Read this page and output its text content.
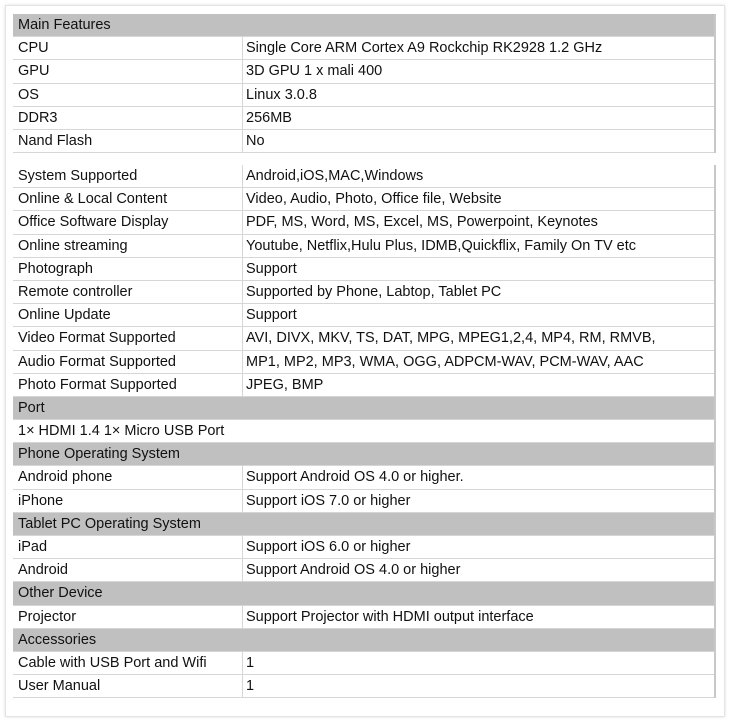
Main Features
CPU	Single Core ARM Cortex A9 Rockchip RK2928 1.2 GHz
GPU	3D GPU 1 x mali 400
OS	Linux 3.0.8
DDR3	256MB
Nand Flash	No
System Supported	Android,iOS,MAC,Windows
Online & Local Content	Video, Audio, Photo, Office file, Website
Office Software Display	PDF, MS, Word, MS, Excel, MS, Powerpoint, Keynotes
Online streaming	Youtube, Netflix,Hulu Plus, IDMB,Quickflix, Family On TV etc
Photograph	Support
Remote controller	Supported by Phone, Labtop, Tablet PC
Online Update	Support
Video Format Supported	AVI, DIVX, MKV, TS, DAT, MPG, MPEG1,2,4, MP4, RM, RMVB,
Audio Format Supported	MP1, MP2, MP3, WMA, OGG, ADPCM-WAV, PCM-WAV, AAC
Photo Format Supported	JPEG, BMP
Port
1× HDMI 1.4 1× Micro USB Port
Phone Operating System
Android phone	Support Android OS 4.0 or higher.
iPhone	Support iOS 7.0 or higher
Tablet PC Operating System
iPad	Support iOS 6.0 or higher
Android	Support Android OS 4.0 or higher
Other Device
Projector	Support Projector with HDMI output interface
Accessories
Cable with USB Port and Wifi	1
User Manual	1
